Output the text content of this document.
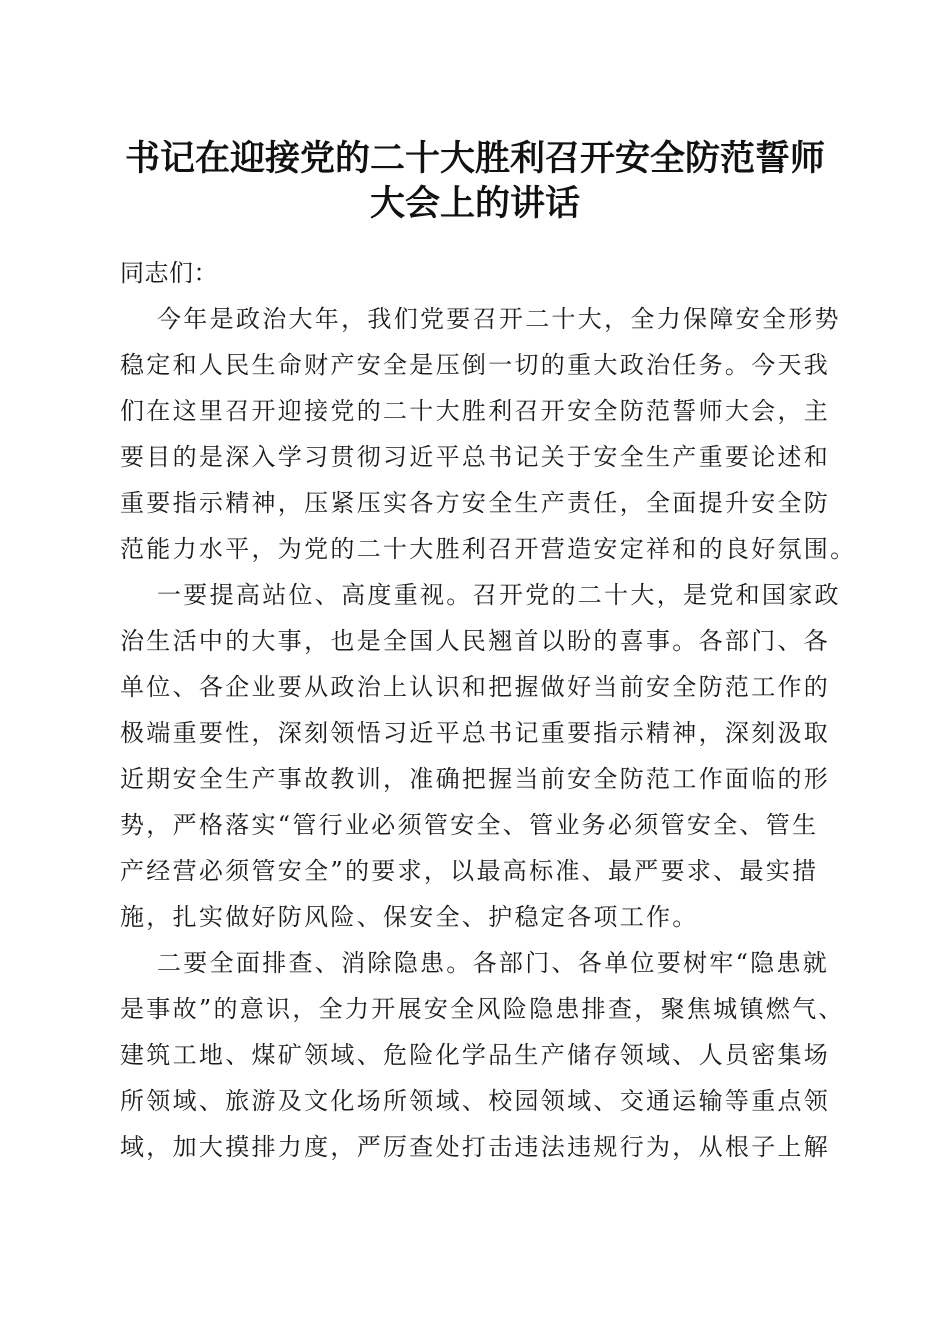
书记在迎接党的二十大胜利召开安全防范誓师
大会上的讲话
同志们：
今年是政治大年，我们党要召开二十大，全力保障安全形势
稳定和人民生命财产安全是压倒一切的重大政治任务。今天我
们在这里召开迎接党的二十大胜利召开安全防范誓师大会，主
要目的是深入学习贯彻习近平总书记关于安全生产重要论述和
重要指示精神，压紧压实各方安全生产责任，全面提升安全防
范能力水平，为党的二十大胜利召开营造安定祥和的良好氛围。
一要提高站位、高度重视。召开党的二十大，是党和国家政
治生活中的大事，也是全国人民翘首以盼的喜事。各部门、各
单位、各企业要从政治上认识和把握做好当前安全防范工作的
极端重要性，深刻领悟习近平总书记重要指示精神，深刻汲取
近期安全生产事故教训，准确把握当前安全防范工作面临的形
势，严格落实“管行业必须管安全、管业务必须管安全、管生
产经营必须管安全”的要求，以最高标准、最严要求、最实措
施，扎实做好防风险、保安全、护稳定各项工作。
二要全面排查、消除隐患。各部门、各单位要树牢“隐患就
是事故”的意识，全力开展安全风险隐患排查，聚焦城镇燃气、
建筑工地、煤矿领域、危险化学品生产储存领域、人员密集场
所领域、旅游及文化场所领域、校园领域、交通运输等重点领
域，加大摸排力度，严厉查处打击违法违规行为，从根子上解
